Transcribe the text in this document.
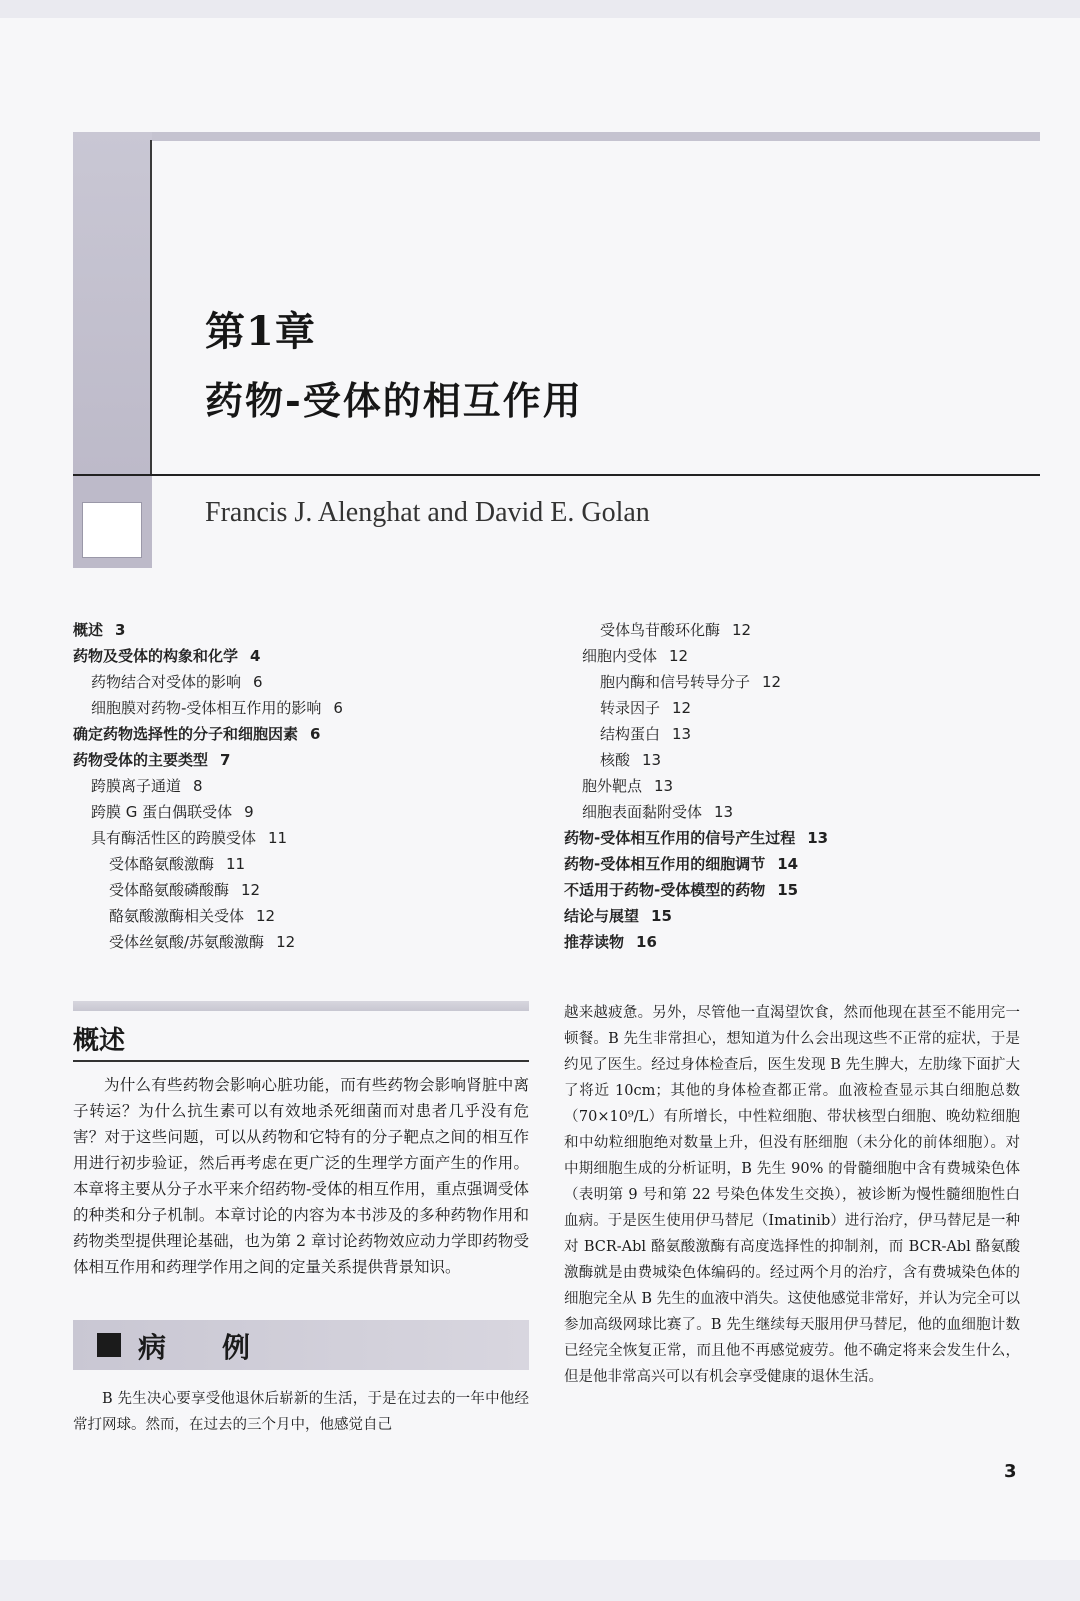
第1章
药物-受体的相互作用
Francis J. Alenghat and David E. Golan
概述 3
药物及受体的构象和化学 4
药物结合对受体的影响 6
细胞膜对药物-受体相互作用的影响 6
确定药物选择性的分子和细胞因素 6
药物受体的主要类型 7
跨膜离子通道 8
跨膜 G 蛋白偶联受体 9
具有酶活性区的跨膜受体 11
受体酪氨酸激酶 11
受体酪氨酸磷酸酶 12
酪氨酸激酶相关受体 12
受体丝氨酸/苏氨酸激酶 12
受体鸟苷酸环化酶 12
细胞内受体 12
胞内酶和信号转导分子 12
转录因子 12
结构蛋白 13
核酸 13
胞外靶点 13
细胞表面黏附受体 13
药物-受体相互作用的信号产生过程 13
药物-受体相互作用的细胞调节 14
不适用于药物-受体模型的药物 15
结论与展望 15
推荐读物 16
概述
为什么有些药物会影响心脏功能，而有些药物会影响肾脏中离子转运？为什么抗生素可以有效地杀死细菌而对患者几乎没有危害？对于这些问题，可以从药物和它特有的分子靶点之间的相互作用进行初步验证，然后再考虑在更广泛的生理学方面产生的作用。本章将主要从分子水平来介绍药物-受体的相互作用，重点强调受体的种类和分子机制。本章讨论的内容为本书涉及的多种药物作用和药物类型提供理论基础，也为第 2 章讨论药物效应动力学即药物受体相互作用和药理学作用之间的定量关系提供背景知识。
病 例
B 先生决心要享受他退休后崭新的生活，于是在过去的一年中他经常打网球。然而，在过去的三个月中，他感觉自己
越来越疲惫。另外，尽管他一直渴望饮食，然而他现在甚至不能用完一顿餐。B 先生非常担心，想知道为什么会出现这些不正常的症状，于是约见了医生。经过身体检查后，医生发现 B 先生脾大，左肋缘下面扩大了将近 10cm；其他的身体检查都正常。血液检查显示其白细胞总数（70×10⁹/L）有所增长，中性粒细胞、带状核型白细胞、晚幼粒细胞和中幼粒细胞绝对数量上升，但没有胚细胞（未分化的前体细胞）。对中期细胞生成的分析证明，B 先生 90% 的骨髓细胞中含有费城染色体（表明第 9 号和第 22 号染色体发生交换），被诊断为慢性髓细胞性白血病。于是医生使用伊马替尼（Imatinib）进行治疗，伊马替尼是一种对 BCR-Abl 酪氨酸激酶有高度选择性的抑制剂，而 BCR-Abl 酪氨酸激酶就是由费城染色体编码的。经过两个月的治疗，含有费城染色体的细胞完全从 B 先生的血液中消失。这使他感觉非常好，并认为完全可以参加高级网球比赛了。B 先生继续每天服用伊马替尼，他的血细胞计数已经完全恢复正常，而且他不再感觉疲劳。他不确定将来会发生什么，但是他非常高兴可以有机会享受健康的退休生活。
3
